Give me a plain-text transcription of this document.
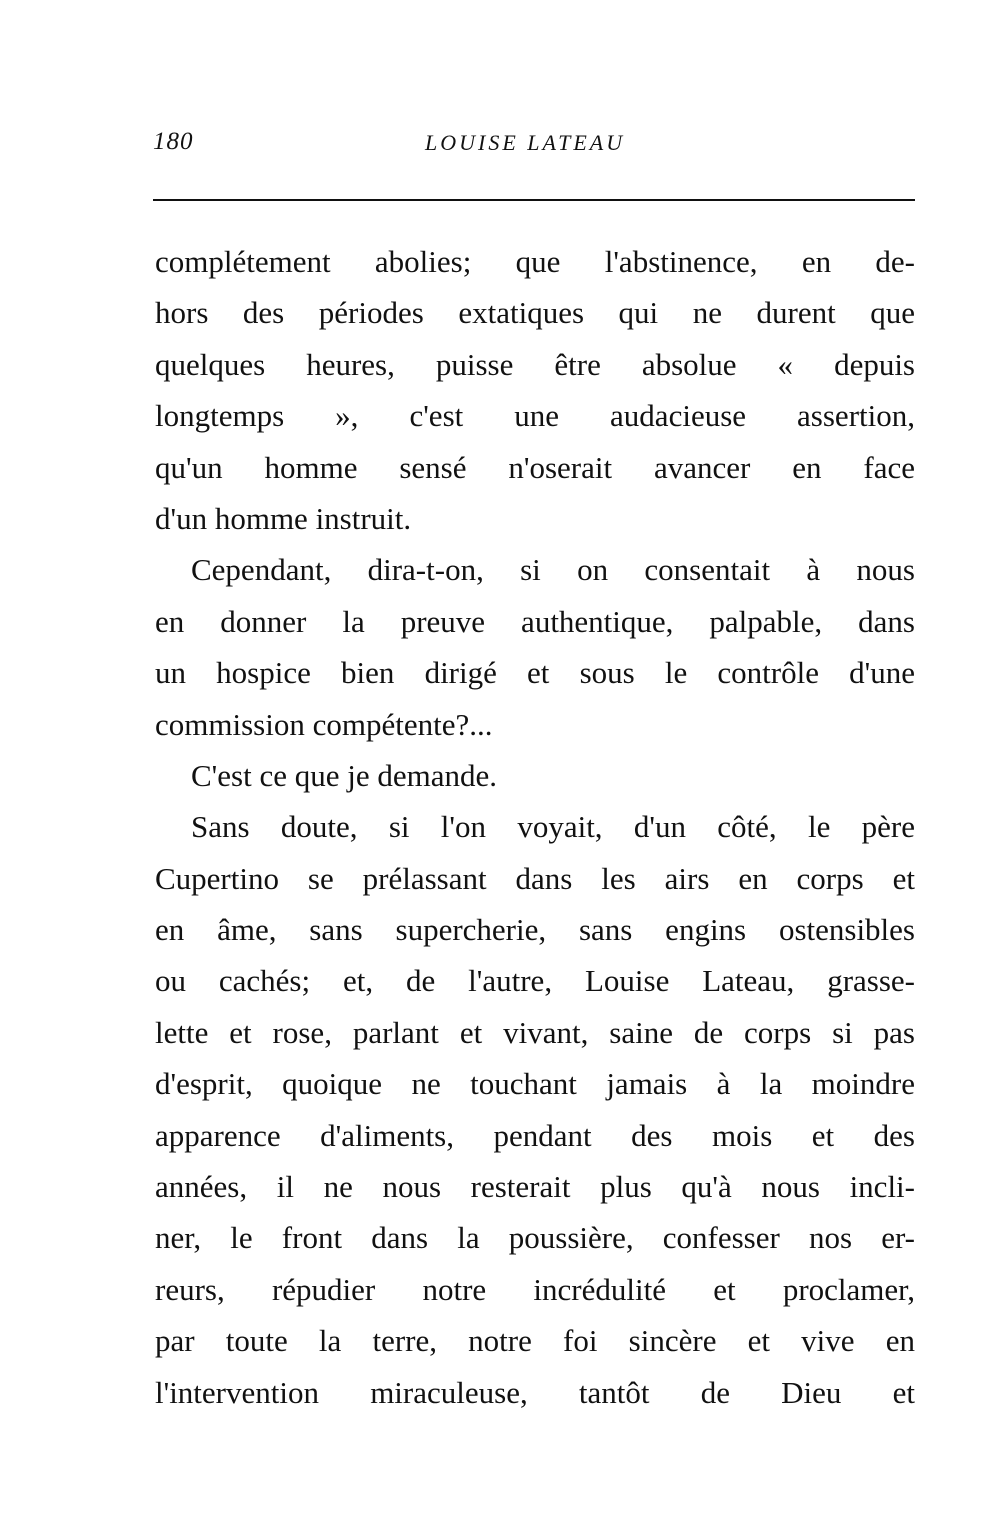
180	LOUISE LATEAU
complétement abolies; que l'abstinence, en de-
hors des périodes extatiques qui ne durent que
quelques heures, puisse être absolue « depuis
longtemps », c'est une audacieuse assertion,
qu'un homme sensé n'oserait avancer en face
d'un homme instruit.
Cependant, dira-t-on, si on consentait à nous
en donner la preuve authentique, palpable, dans
un hospice bien dirigé et sous le contrôle d'une
commission compétente?...
C'est ce que je demande.
Sans doute, si l'on voyait, d'un côté, le père
Cupertino se prélassant dans les airs en corps et
en âme, sans supercherie, sans engins ostensibles
ou cachés; et, de l'autre, Louise Lateau, grasse-
lette et rose, parlant et vivant, saine de corps si pas
d'esprit, quoique ne touchant jamais à la moindre
apparence d'aliments, pendant des mois et des
années, il ne nous resterait plus qu'à nous incli-
ner, le front dans la poussière, confesser nos er-
reurs, répudier notre incrédulité et proclamer,
par toute la terre, notre foi sincère et vive en
l'intervention miraculeuse, tantôt de Dieu et
